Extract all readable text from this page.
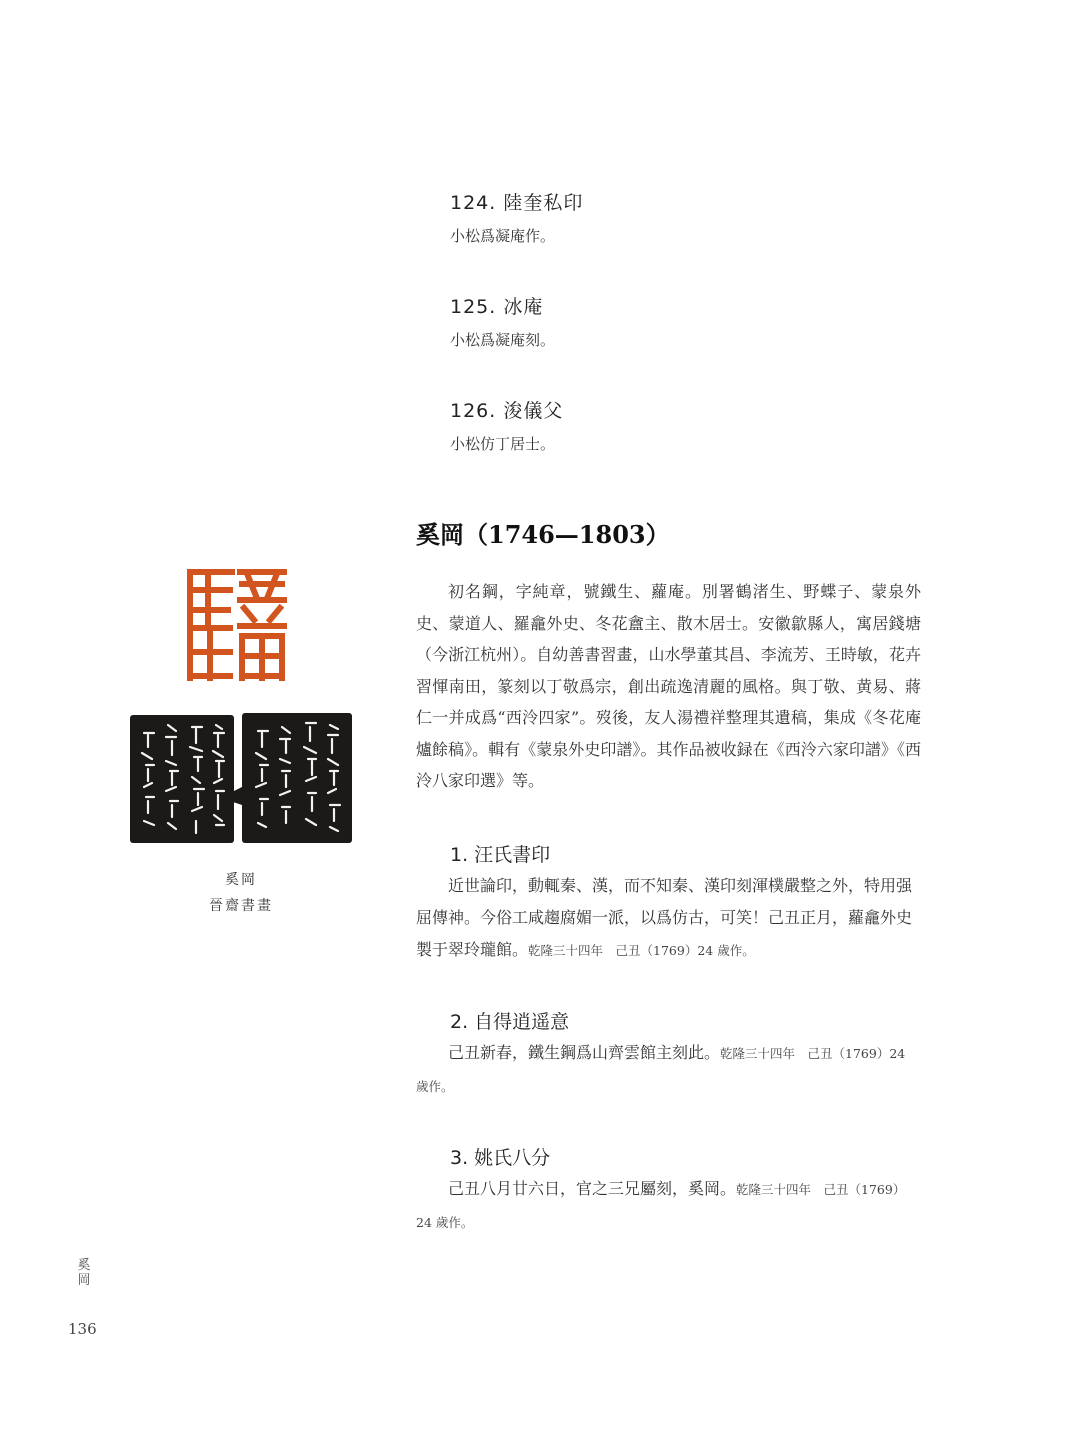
124. 陸奎私印
小松爲凝庵作。
125. 冰庵
小松爲凝庵刻。
126. 浚儀父
小松仿丁居士。
奚岡（1746—1803）

初名鋼，字純章，號鐵生、蘿庵。別署鶴渚生、野蝶子、蒙泉外史、蒙道人、羅龕外史、冬花盦主、散木居士。安徽歙縣人，寓居錢塘（今浙江杭州）。自幼善書習畫，山水學董其昌、李流芳、王時敏，花卉習惲南田，篆刻以丁敬爲宗，創出疏逸清麗的風格。與丁敬、黄易、蔣仁一并成爲“西泠四家”。歿後，友人湯禮祥整理其遺稿，集成《冬花庵爐餘稿》。輯有《蒙泉外史印譜》。其作品被收録在《西泠六家印譜》《西泠八家印選》等。

1. 汪氏書印

近世論印，動輒秦、漢，而不知秦、漢印刻渾樸嚴整之外，特用强屈傳神。今俗工咸趨腐媚一派，以爲仿古，可笑！己丑正月，蘿龕外史製于翠玲瓏館。乾隆三十四年　己丑（1769）24 歲作。

2. 自得逍遥意

己丑新春，鐵生鋼爲山齊雲館主刻此。乾隆三十四年　己丑（1769）24 歲作。

3. 姚氏八分

己丑八月廿六日，官之三兄屬刻，奚岡。乾隆三十四年　己丑（1769）24 歲作。

奚岡
晉齋書畫
奚岡
136
